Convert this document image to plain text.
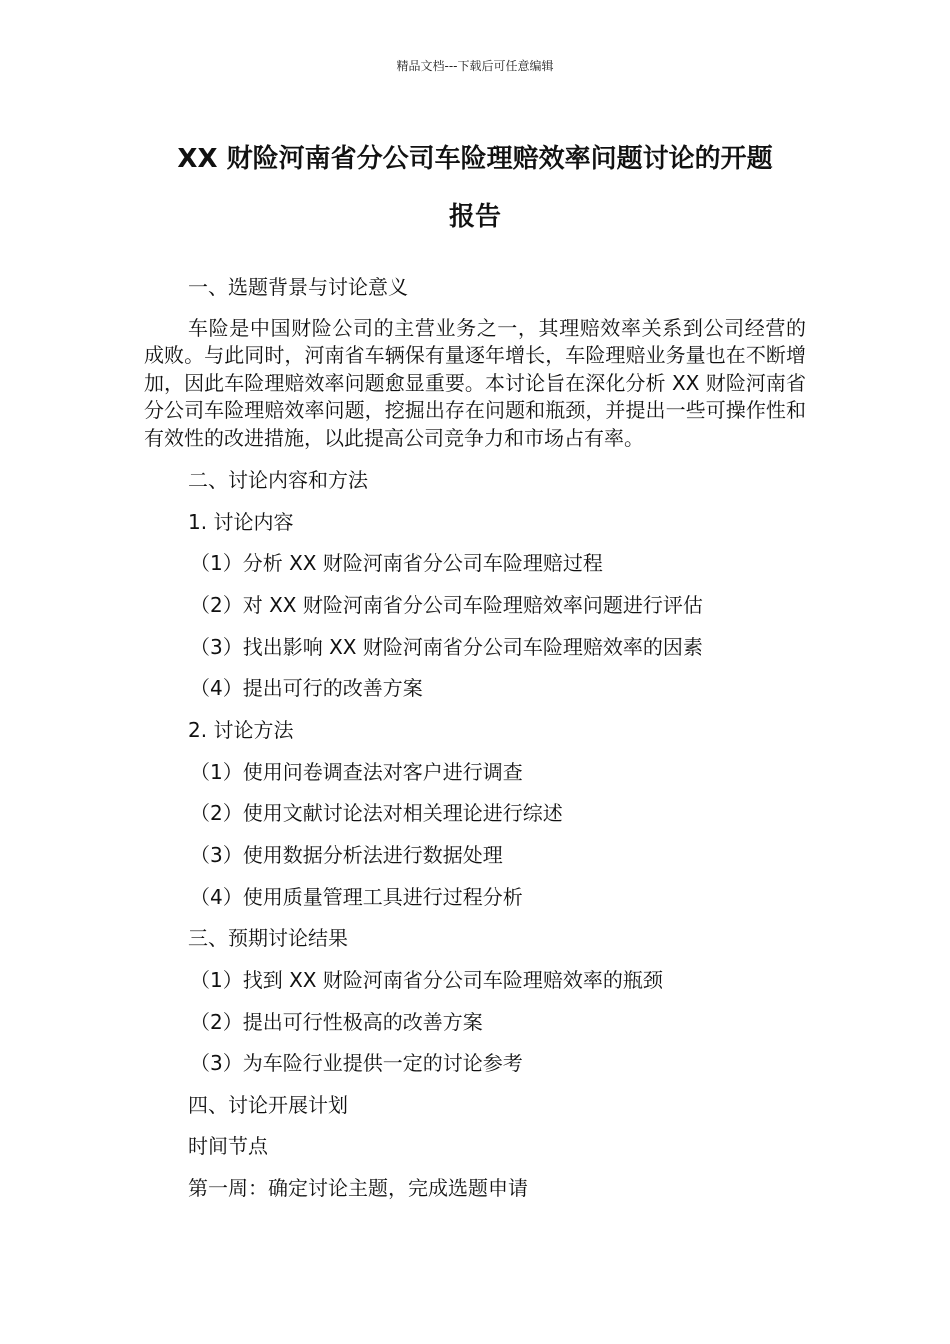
精品文档---下载后可任意编辑
XX 财险河南省分公司车险理赔效率问题讨论的开题
报告
一、选题背景与讨论意义
车险是中国财险公司的主营业务之一，其理赔效率关系到公司经营的成败。与此同时，河南省车辆保有量逐年增长，车险理赔业务量也在不断增加，因此车险理赔效率问题愈显重要。本讨论旨在深化分析 XX 财险河南省分公司车险理赔效率问题，挖掘出存在问题和瓶颈，并提出一些可操作性和有效性的改进措施，以此提高公司竞争力和市场占有率。
二、讨论内容和方法
1. 讨论内容
（1）分析 XX 财险河南省分公司车险理赔过程
（2）对 XX 财险河南省分公司车险理赔效率问题进行评估
（3）找出影响 XX 财险河南省分公司车险理赔效率的因素
（4）提出可行的改善方案
2. 讨论方法
（1）使用问卷调查法对客户进行调查
（2）使用文献讨论法对相关理论进行综述
（3）使用数据分析法进行数据处理
（4）使用质量管理工具进行过程分析
三、预期讨论结果
（1）找到 XX 财险河南省分公司车险理赔效率的瓶颈
（2）提出可行性极高的改善方案
（3）为车险行业提供一定的讨论参考
四、讨论开展计划
时间节点
第一周：确定讨论主题，完成选题申请
